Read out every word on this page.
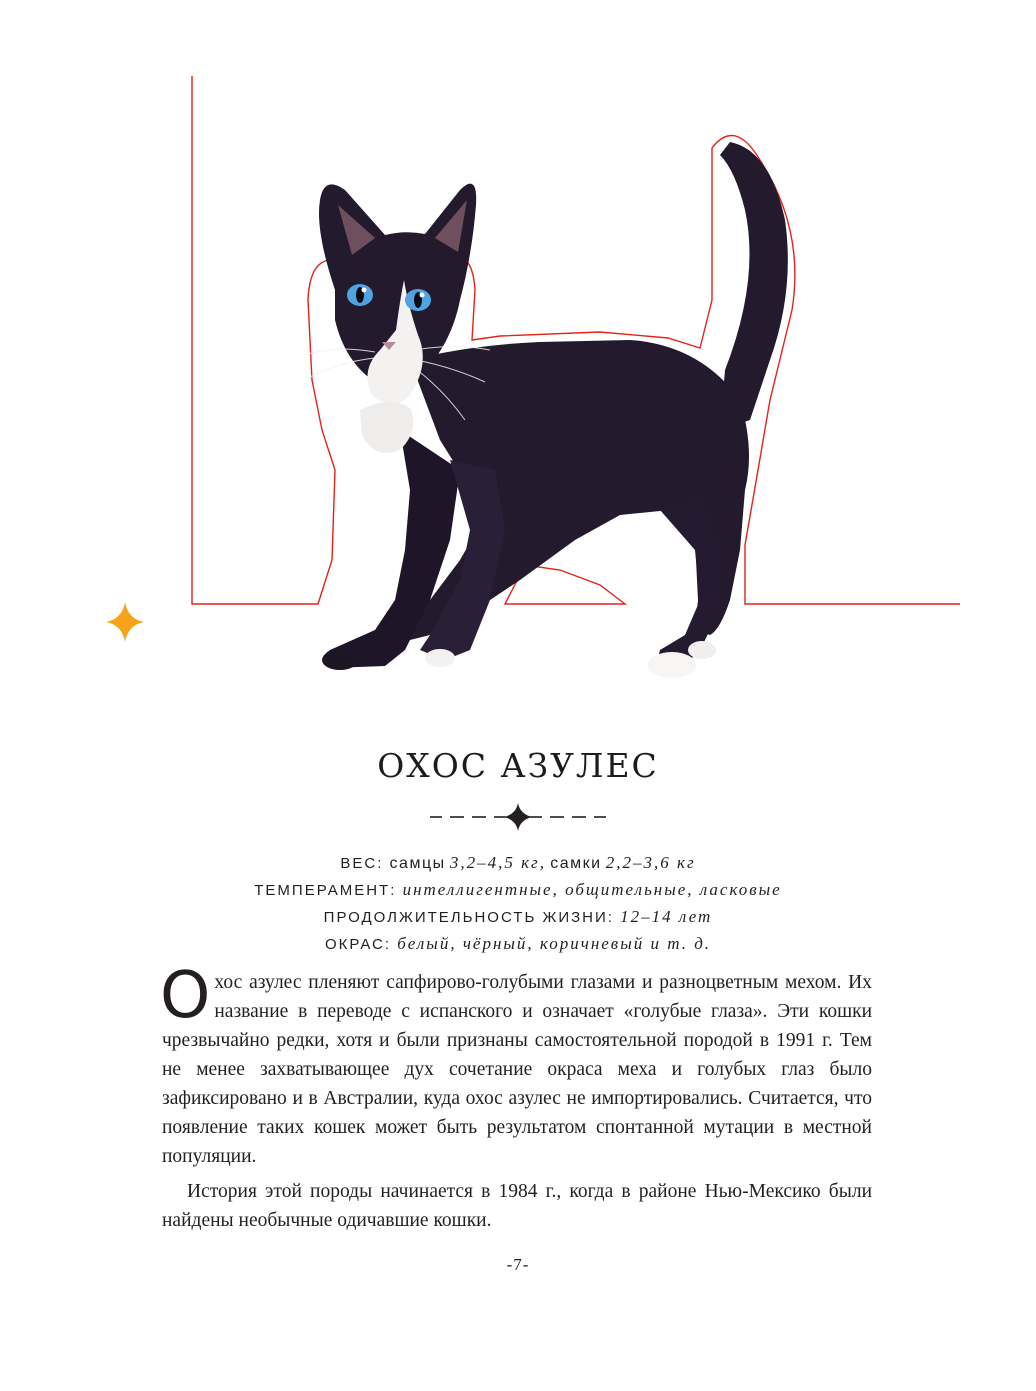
ОХОС АЗУЛЕС
ВЕС: самцы 3,2–4,5 кг, самки 2,2–3,6 кг
ТЕМПЕРАМЕНТ: интеллигентные, общительные, ласковые
ПРОДОЛЖИТЕЛЬНОСТЬ ЖИЗНИ: 12–14 лет
ОКРАС: белый, чёрный, коричневый и т. д.

Охос азулес пленяют сапфирово-голубыми глазами и разноцветным мехом. Их название в переводе с испанского и означает «голубые глаза». Эти кошки чрезвычайно редки, хотя и были признаны самостоятельной породой в 1991 г. Тем не менее захватывающее дух сочетание окраса меха и голубых глаз было зафиксировано и в Австралии, куда охос азулес не импортировались. Считается, что появление таких кошек может быть результатом спонтанной мутации в местной популяции.

История этой породы начинается в 1984 г., когда в районе Нью-Мексико были найдены необычные одичавшие кошки.

-7-
